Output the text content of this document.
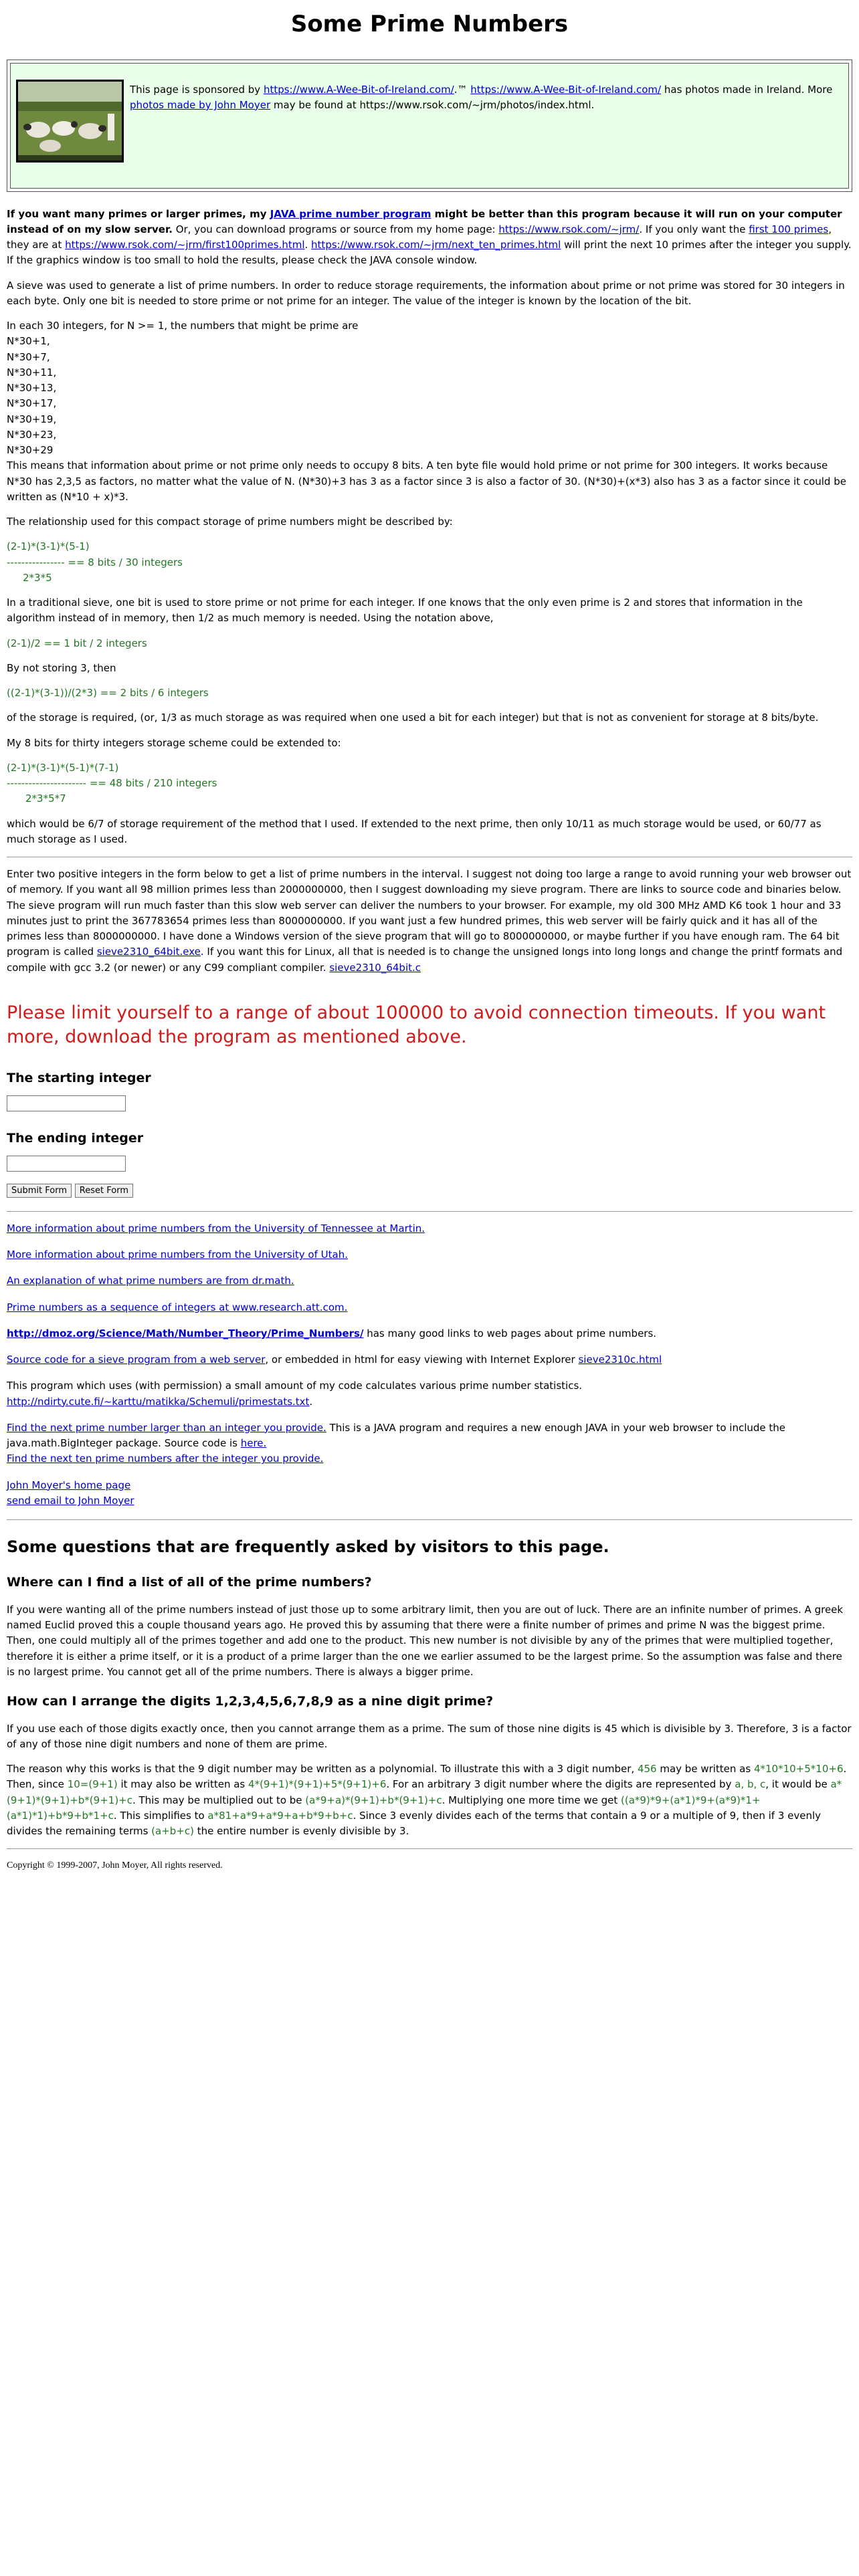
Some Prime Numbers
This page is sponsored by https://www.A-Wee-Bit-of-Ireland.com/.™ https://www.A-Wee-Bit-of-Ireland.com/ has photos made in Ireland. More photos made by John Moyer may be found at https://www.rsok.com/~jrm/photos/index.html.

If you want many primes or larger primes, my JAVA prime number program might be better than this program because it will run on your computer instead of on my slow server. Or, you can download programs or source from my home page: https://www.rsok.com/~jrm/. If you only want the first 100 primes, they are at https://www.rsok.com/~jrm/first100primes.html. https://www.rsok.com/~jrm/next_ten_primes.html will print the next 10 primes after the integer you supply. If the graphics window is too small to hold the results, please check the JAVA console window.

A sieve was used to generate a list of prime numbers. In order to reduce storage requirements, the information about prime or not prime was stored for 30 integers in each byte. Only one bit is needed to store prime or not prime for an integer. The value of the integer is known by the location of the bit.

In each 30 integers, for N >= 1, the numbers that might be prime are
N*30+1,
N*30+7,
N*30+11,
N*30+13,
N*30+17,
N*30+19,
N*30+23,
N*30+29

This means that information about prime or not prime only needs to occupy 8 bits. A ten byte file would hold prime or not prime for 300 integers. It works because N*30 has 2,3,5 as factors, no matter what the value of N. (N*30)+3 has 3 as a factor since 3 is also a factor of 30. (N*30)+(x*3) also has 3 as a factor since it could be written as (N*10 + x)*3.

The relationship used for this compact storage of prime numbers might be described by:

(2-1)*(3-1)*(5-1)
---------------- == 8 bits / 30 integers
2*3*5

In a traditional sieve, one bit is used to store prime or not prime for each integer. If one knows that the only even prime is 2 and stores that information in the algorithm instead of in memory, then 1/2 as much memory is needed. Using the notation above,

(2-1)/2 == 1 bit / 2 integers

By not storing 3, then

((2-1)*(3-1))/(2*3) == 2 bits / 6 integers

of the storage is required, (or, 1/3 as much storage as was required when one used a bit for each integer) but that is not as convenient for storage at 8 bits/byte.

My 8 bits for thirty integers storage scheme could be extended to:

(2-1)*(3-1)*(5-1)*(7-1)
---------------------- == 48 bits / 210 integers
2*3*5*7

which would be 6/7 of storage requirement of the method that I used. If extended to the next prime, then only 10/11 as much storage would be used, or 60/77 as much storage as I used.

Enter two positive integers in the form below to get a list of prime numbers in the interval. I suggest not doing too large a range to avoid running your web browser out of memory. If you want all 98 million primes less than 2000000000, then I suggest downloading my sieve program. There are links to source code and binaries below. The sieve program will run much faster than this slow web server can deliver the numbers to your browser. For example, my old 300 MHz AMD K6 took 1 hour and 33 minutes just to print the 367783654 primes less than 8000000000. If you want just a few hundred primes, this web server will be fairly quick and it has all of the primes less than 8000000000. I have done a Windows version of the sieve program that will go to 8000000000, or maybe further if you have enough ram. The 64 bit program is called sieve2310_64bit.exe. If you want this for Linux, all that is needed is to change the unsigned longs into long longs and change the printf formats and compile with gcc 3.2 (or newer) or any C99 compliant compiler. sieve2310_64bit.c

Please limit yourself to a range of about 100000 to avoid connection timeouts. If you want more, download the program as mentioned above.
The starting integer
The ending integer
Submit Form Reset Form

More information about prime numbers from the University of Tennessee at Martin.

More information about prime numbers from the University of Utah.

An explanation of what prime numbers are from dr.math.

Prime numbers as a sequence of integers at www.research.att.com.

http://dmoz.org/Science/Math/Number_Theory/Prime_Numbers/ has many good links to web pages about prime numbers.

Source code for a sieve program from a web server, or embedded in html for easy viewing with Internet Explorer sieve2310c.html

This program which uses (with permission) a small amount of my code calculates various prime number statistics.
http://ndirty.cute.fi/~karttu/matikka/Schemuli/primestats.txt.

Find the next prime number larger than an integer you provide. This is a JAVA program and requires a new enough JAVA in your web browser to include the java.math.BigInteger package. Source code is here.
Find the next ten prime numbers after the integer you provide.

John Moyer's home page
send email to John Moyer

Some questions that are frequently asked by visitors to this page.
Where can I find a list of all of the prime numbers?

If you were wanting all of the prime numbers instead of just those up to some arbitrary limit, then you are out of luck. There are an infinite number of primes. A greek named Euclid proved this a couple thousand years ago. He proved this by assuming that there were a finite number of primes and prime N was the biggest prime. Then, one could multiply all of the primes together and add one to the product. This new number is not divisible by any of the primes that were multiplied together, therefore it is either a prime itself, or it is a product of a prime larger than the one we earlier assumed to be the largest prime. So the assumption was false and there is no largest prime. You cannot get all of the prime numbers. There is always a bigger prime.

How can I arrange the digits 1,2,3,4,5,6,7,8,9 as a nine digit prime?

If you use each of those digits exactly once, then you cannot arrange them as a prime. The sum of those nine digits is 45 which is divisible by 3. Therefore, 3 is a factor of any of those nine digit numbers and none of them are prime.

The reason why this works is that the 9 digit number may be written as a polynomial. To illustrate this with a 3 digit number, 456 may be written as 4*10*10+5*10+6. Then, since 10=(9+1) it may also be written as 4*(9+1)*(9+1)+5*(9+1)+6. For an arbitrary 3 digit number where the digits are represented by a, b, c, it would be a*(9+1)*(9+1)+b*(9+1)+c. This may be multiplied out to be (a*9+a)*(9+1)+b*(9+1)+c. Multiplying one more time we get ((a*9)*9+(a*1)*9+(a*9)*1+(a*1)*1)+b*9+b*1+c. This simplifies to a*81+a*9+a*9+a+b*9+b+c. Since 3 evenly divides each of the terms that contain a 9 or a multiple of 9, then if 3 evenly divides the remaining terms (a+b+c) the entire number is evenly divisible by 3.

Copyright © 1999-2007, John Moyer, All rights reserved.
